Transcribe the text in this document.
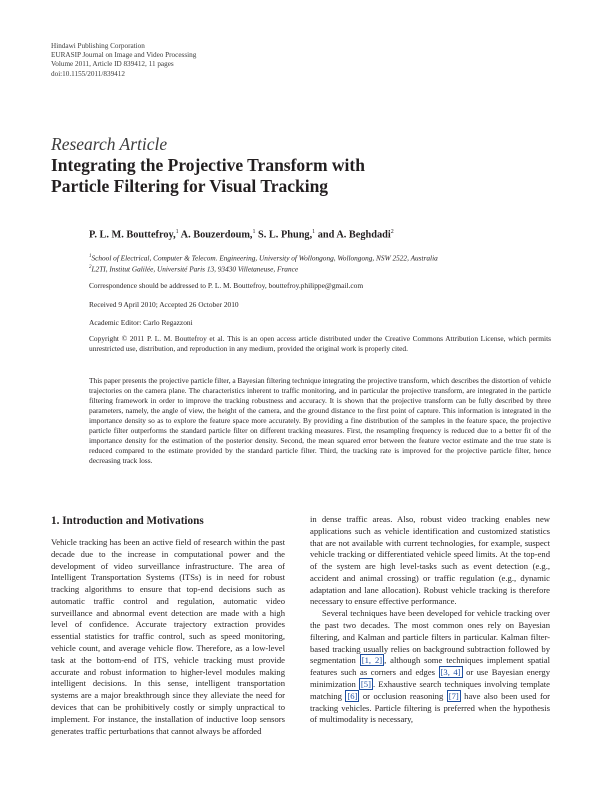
Hindawi Publishing Corporation
EURASIP Journal on Image and Video Processing
Volume 2011, Article ID 839412, 11 pages
doi:10.1155/2011/839412
Research Article
Integrating the Projective Transform with
Particle Filtering for Visual Tracking
P. L. M. Bouttefroy,$^1$ A. Bouzerdoum,$^1$ S. L. Phung,$^1$ and A. Beghdadi$^2$
$^1$School of Electrical, Computer & Telecom. Engineering, University of Wollongong, Wollongong, NSW 2522, Australia
$^2$L2TI, Institut Galilée, Université Paris 13, 93430 Villetaneuse, France
Correspondence should be addressed to P. L. M. Bouttefroy, bouttefroy.philippe@gmail.com
Received 9 April 2010; Accepted 26 October 2010
Academic Editor: Carlo Regazzoni
Copyright © 2011 P. L. M. Bouttefroy et al. This is an open access article distributed under the Creative Commons Attribution License, which permits unrestricted use, distribution, and reproduction in any medium, provided the original work is properly cited.
This paper presents the projective particle filter, a Bayesian filtering technique integrating the projective transform, which describes the distortion of vehicle trajectories on the camera plane. The characteristics inherent to traffic monitoring, and in particular the projective transform, are integrated in the particle filtering framework in order to improve the tracking robustness and accuracy. It is shown that the projective transform can be fully described by three parameters, namely, the angle of view, the height of the camera, and the ground distance to the first point of capture. This information is integrated in the importance density so as to explore the feature space more accurately. By providing a fine distribution of the samples in the feature space, the projective particle filter outperforms the standard particle filter on different tracking measures. First, the resampling frequency is reduced due to a better fit of the importance density for the estimation of the posterior density. Second, the mean squared error between the feature vector estimate and the true state is reduced compared to the estimate provided by the standard particle filter. Third, the tracking rate is improved for the projective particle filter, hence decreasing track loss.
1. Introduction and Motivations

Vehicle tracking has been an active field of research within the past decade due to the increase in computational power and the development of video surveillance infrastructure. The area of Intelligent Transportation Systems (ITSs) is in need for robust tracking algorithms to ensure that top-end decisions such as automatic traffic control and regulation, automatic video surveillance and abnormal event detection are made with a high level of confidence. Accurate trajectory extraction provides essential statistics for traffic control, such as speed monitoring, vehicle count, and average vehicle flow. Therefore, as a low-level task at the bottom-end of ITS, vehicle tracking must provide accurate and robust information to higher-level modules making intelligent decisions. In this sense, intelligent transportation systems are a major breakthrough since they alleviate the need for devices that can be prohibitively costly or simply unpractical to implement. For instance, the installation of inductive loop sensors generates traffic perturbations that cannot always be afforded

in dense traffic areas. Also, robust video tracking enables new applications such as vehicle identification and customized statistics that are not available with current technologies, for example, suspect vehicle tracking or differentiated vehicle speed limits. At the top-end of the system are high level-tasks such as event detection (e.g., accident and animal crossing) or traffic regulation (e.g., dynamic adaptation and lane allocation). Robust vehicle tracking is therefore necessary to ensure effective performance.

Several techniques have been developed for vehicle tracking over the past two decades. The most common ones rely on Bayesian filtering, and Kalman and particle filters in particular. Kalman filter-based tracking usually relies on background subtraction followed by segmentation [1, 2] , although some techniques implement spatial features such as corners and edges [3, 4] or use Bayesian energy minimization [5] . Exhaustive search techniques involving template matching [6] or occlusion reasoning [7] have also been used for tracking vehicles. Particle filtering is preferred when the hypothesis of multimodality is necessary,
